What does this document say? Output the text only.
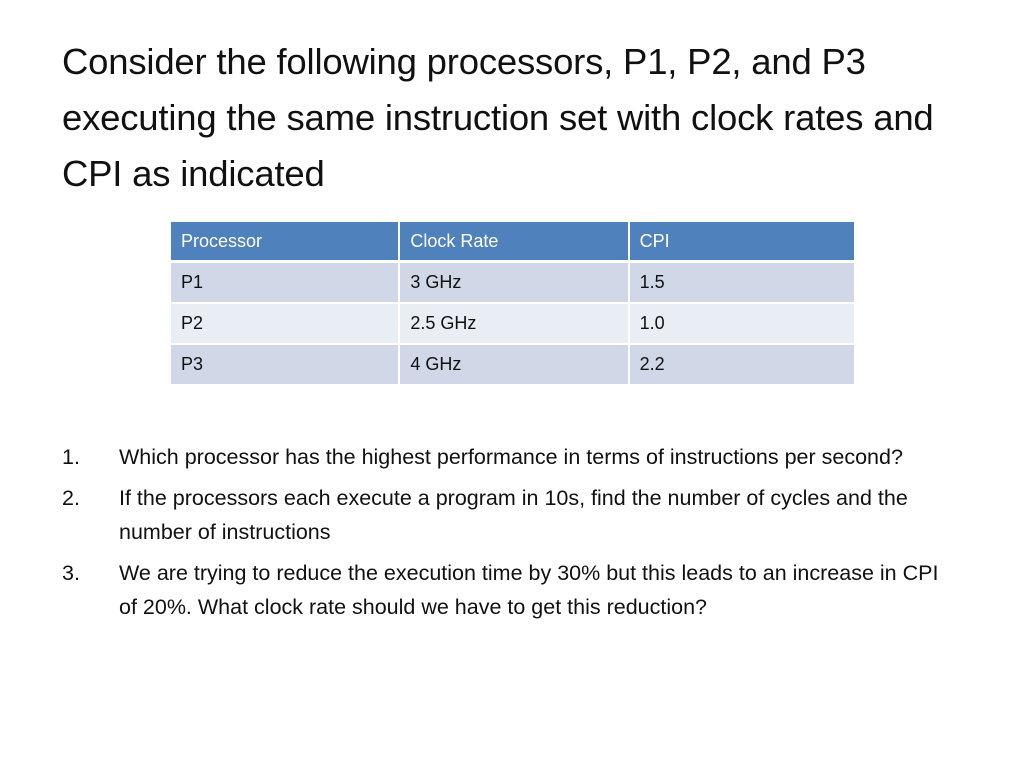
Consider the following processors, P1, P2, and P3 executing the same instruction set with clock rates and CPI as indicated
Processor	Clock Rate	CPI
P1	3 GHz	1.5
P2	2.5 GHz	1.0
P3	4 GHz	2.2
1. Which processor has the highest performance in terms of instructions per second?
2. If the processors each execute a program in 10s, find the number of cycles and the number of instructions
3. We are trying to reduce the execution time by 30% but this leads to an increase in CPI of 20%. What clock rate should we have to get this reduction?
